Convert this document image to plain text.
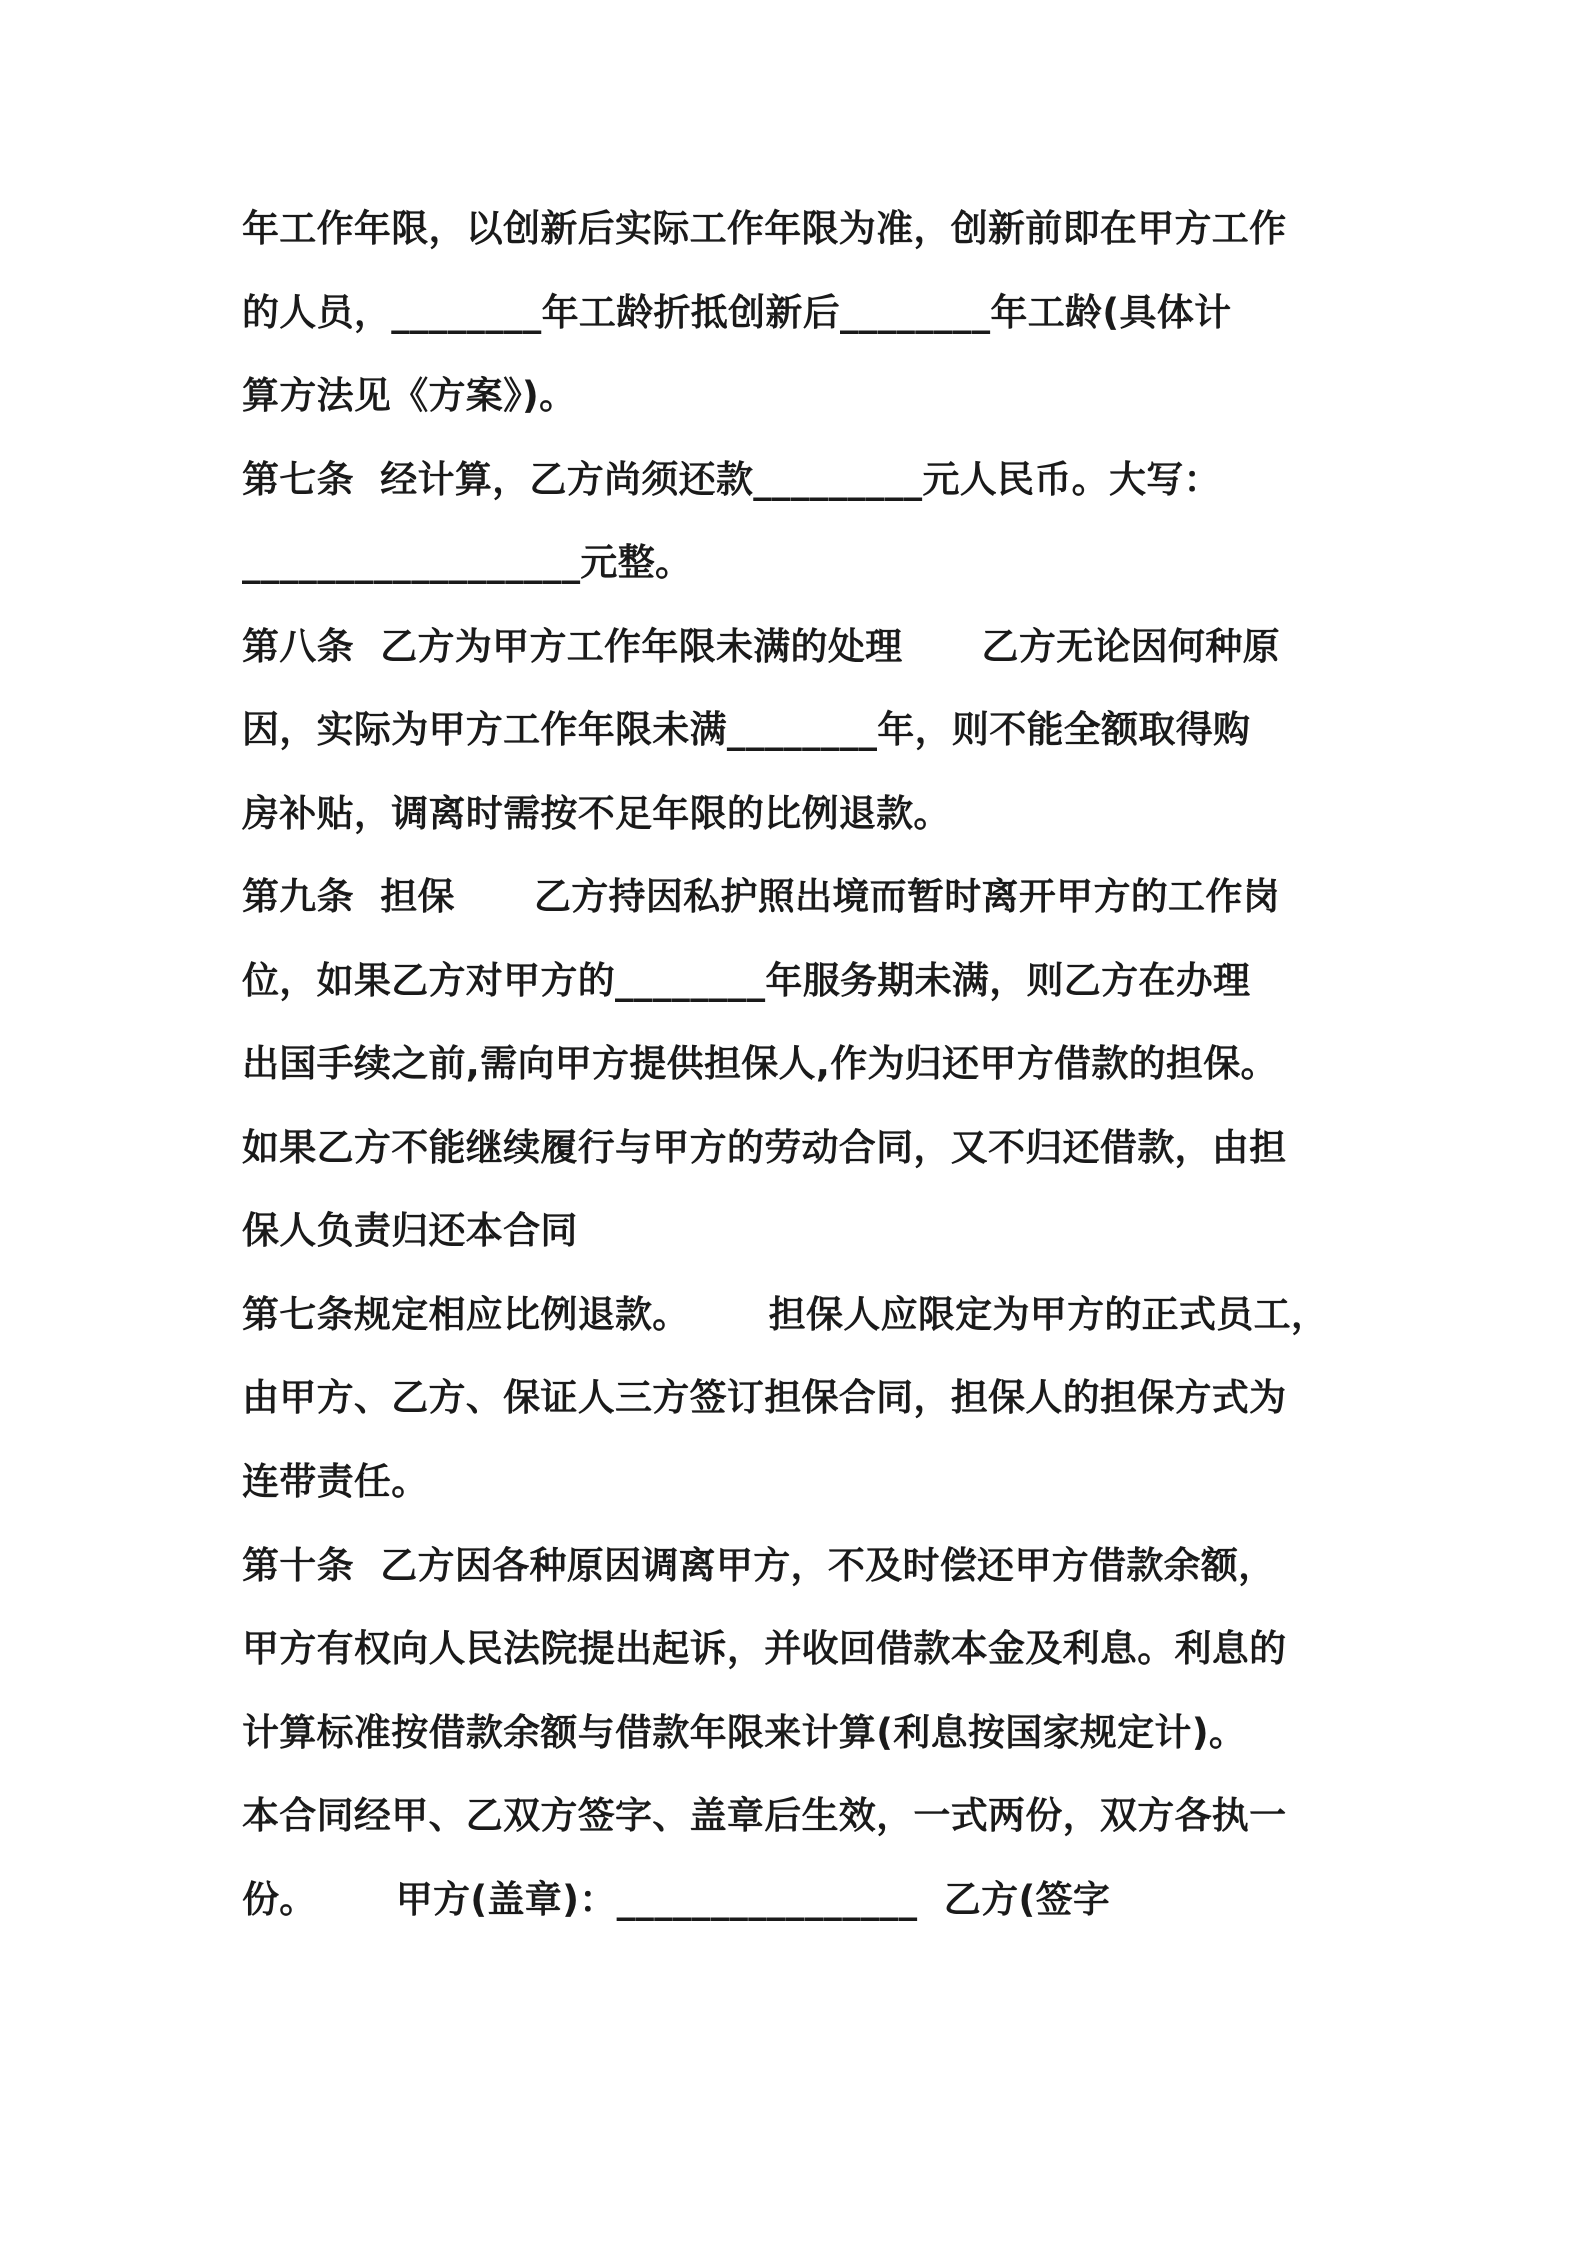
年工作年限，以创新后实际工作年限为准，创新前即在甲方工作
的人员，________年工龄折抵创新后________年工龄(具体计
算方法见《方案》)。
第七条  经计算，乙方尚须还款_________元人民币。大写：
__________________元整。
第八条  乙方为甲方工作年限未满的处理      乙方无论因何种原
因，实际为甲方工作年限未满________年，则不能全额取得购
房补贴，调离时需按不足年限的比例退款。
第九条  担保      乙方持因私护照出境而暂时离开甲方的工作岗
位，如果乙方对甲方的________年服务期未满，则乙方在办理
出国手续之前,需向甲方提供担保人,作为归还甲方借款的担保。
如果乙方不能继续履行与甲方的劳动合同，又不归还借款，由担
保人负责归还本合同
第七条规定相应比例退款。      担保人应限定为甲方的正式员工，
由甲方、乙方、保证人三方签订担保合同，担保人的担保方式为
连带责任。
第十条  乙方因各种原因调离甲方，不及时偿还甲方借款余额，
甲方有权向人民法院提出起诉，并收回借款本金及利息。利息的
计算标准按借款余额与借款年限来计算(利息按国家规定计)。
本合同经甲、乙双方签字、盖章后生效，一式两份，双方各执一
份。      甲方(盖章)：________________  乙方(签字
